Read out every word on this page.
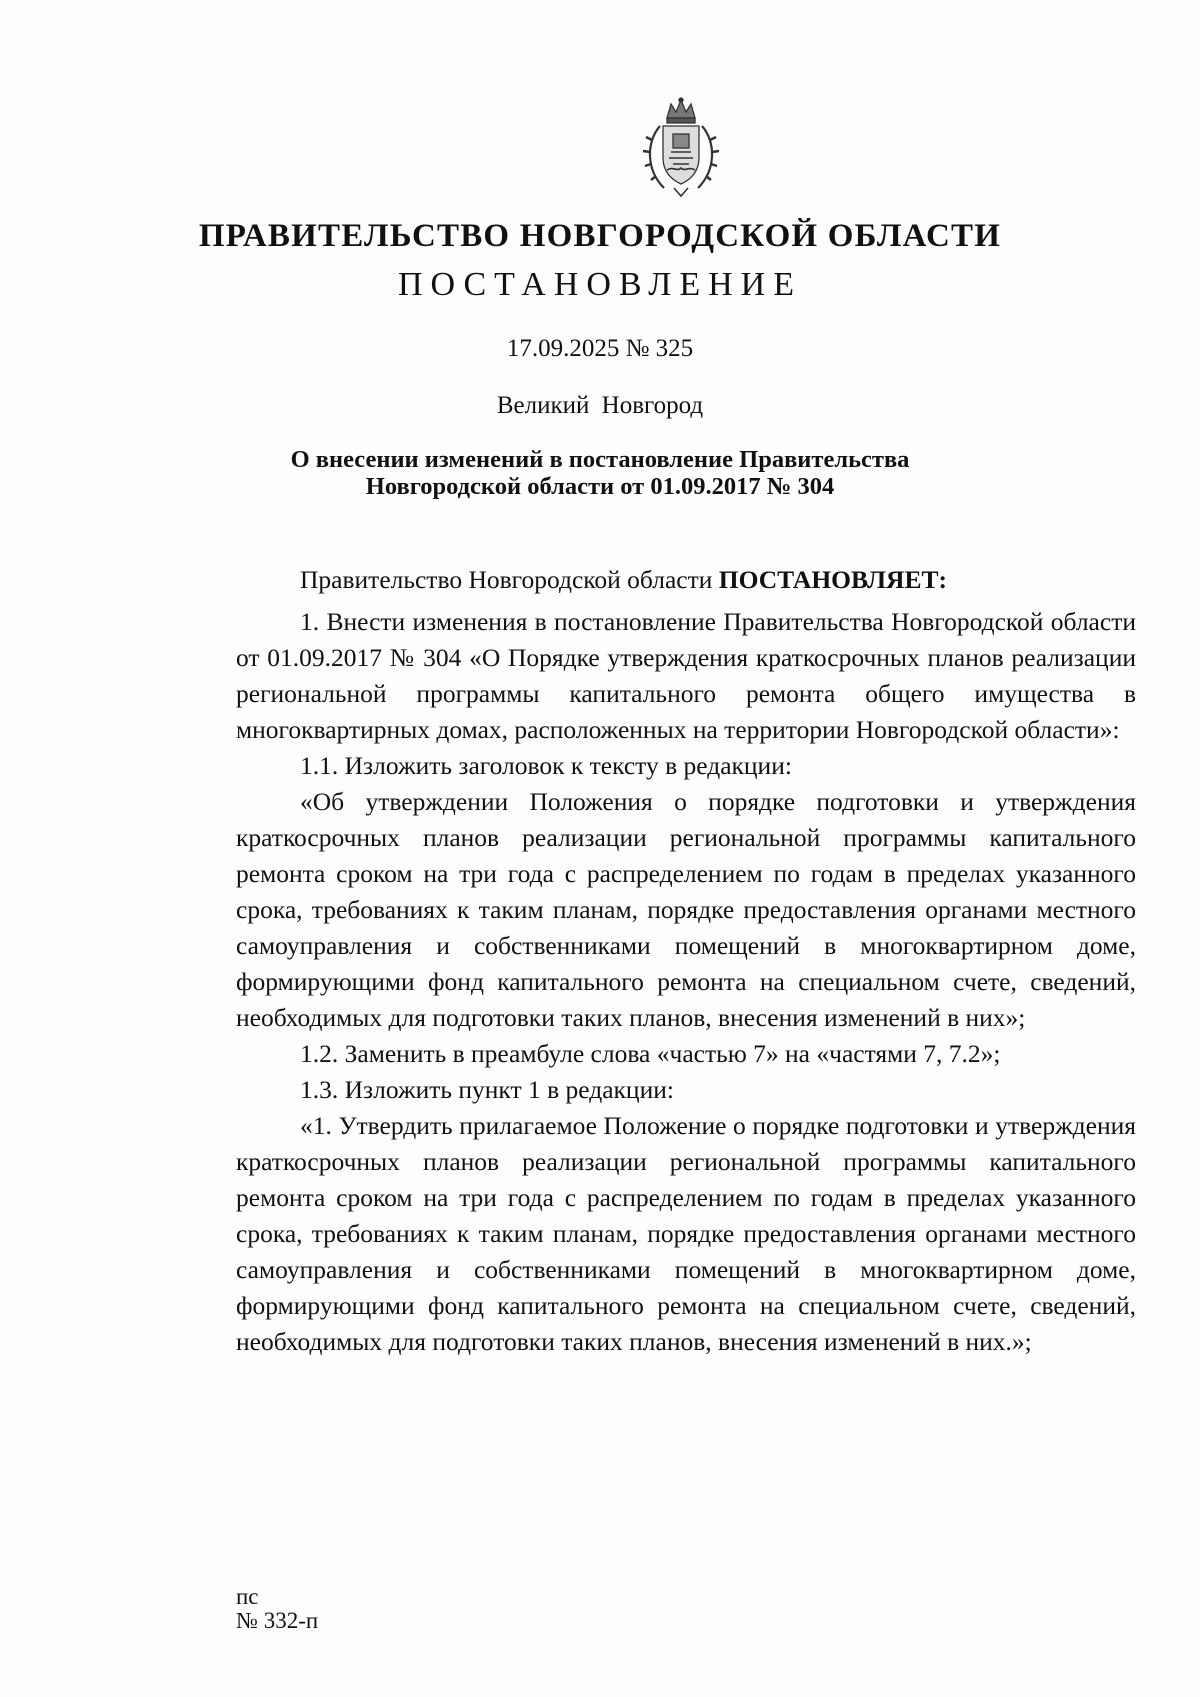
ПРАВИТЕЛЬСТВО НОВГОРОДСКОЙ ОБЛАСТИ
ПОСТАНОВЛЕНИЕ
17.09.2025 № 325
Великий Новгород
О внесении изменений в постановление Правительства
Новгородской области от 01.09.2017 № 304

Правительство Новгородской области ПОСТАНОВЛЯЕТ:

1. Внести изменения в постановление Правительства Новгородской области от 01.09.2017 № 304 «О Порядке утверждения краткосрочных планов реализации региональной программы капитального ремонта общего имущества в многоквартирных домах, расположенных на территории Новгородской области»:

1.1. Изложить заголовок к тексту в редакции:

«Об утверждении Положения о порядке подготовки и утверждения краткосрочных планов реализации региональной программы капитального ремонта сроком на три года с распределением по годам в пределах указанного срока, требованиях к таким планам, порядке предоставления органами местного самоуправления и собственниками помещений в многоквартирном доме, формирующими фонд капитального ремонта на специальном счете, сведений, необходимых для подготовки таких планов, внесения изменений в них»;

1.2. Заменить в преамбуле слова «частью 7» на «частями 7, 7.2»;

1.3. Изложить пункт 1 в редакции:

«1. Утвердить прилагаемое Положение о порядке подготовки и утверждения краткосрочных планов реализации региональной программы капитального ремонта сроком на три года с распределением по годам в пределах указанного срока, требованиях к таким планам, порядке предоставления органами местного самоуправления и собственниками помещений в многоквартирном доме, формирующими фонд капитального ремонта на специальном счете, сведений, необходимых для подготовки таких планов, внесения изменений в них.»;

пс
№ 332-п
